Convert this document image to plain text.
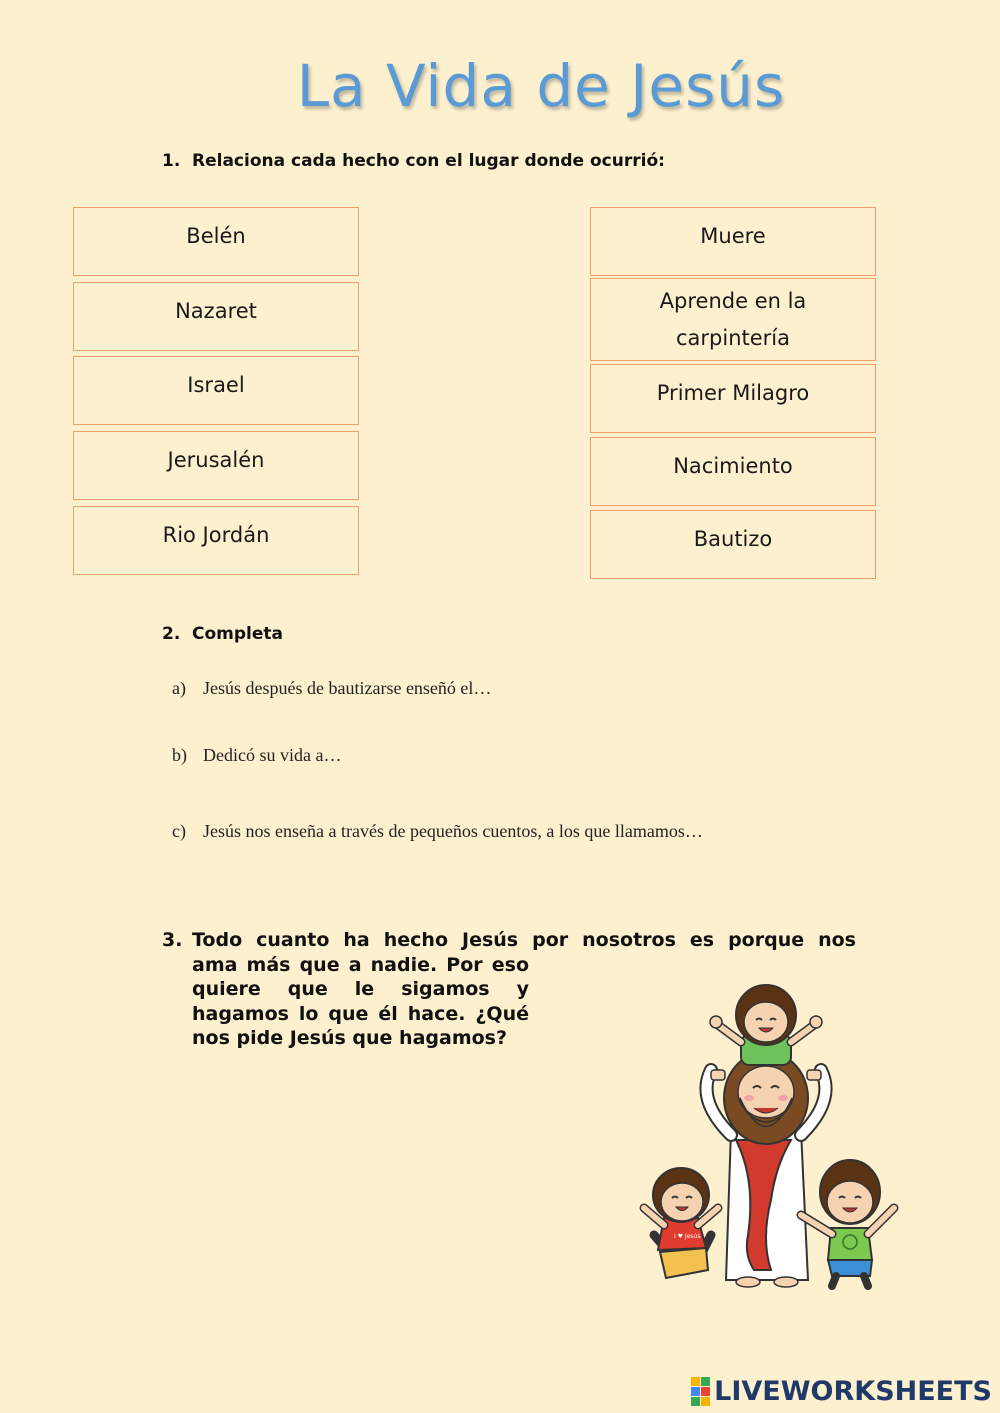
La Vida de Jesús
1. Relaciona cada hecho con el lugar donde ocurrió:
Belén
Nazaret
Israel
Jerusalén
Rio Jordán
Muere
Aprende en la
carpintería
Primer Milagro
Nacimiento
Bautizo
2. Completa
a) Jesús después de bautizarse enseñó el…
b) Dedicó su vida a…
c) Jesús nos enseña a través de pequeños cuentos, a los que llamamos…
3. Todo cuanto ha hecho Jesús por nosotros es porque nos
ama más que a nadie. Por eso
quiere que le sigamos y
hagamos lo que él hace. ¿Qué
nos pide Jesús que hagamos?
I ♥ Jesús
LIVEWORKSHEETS
